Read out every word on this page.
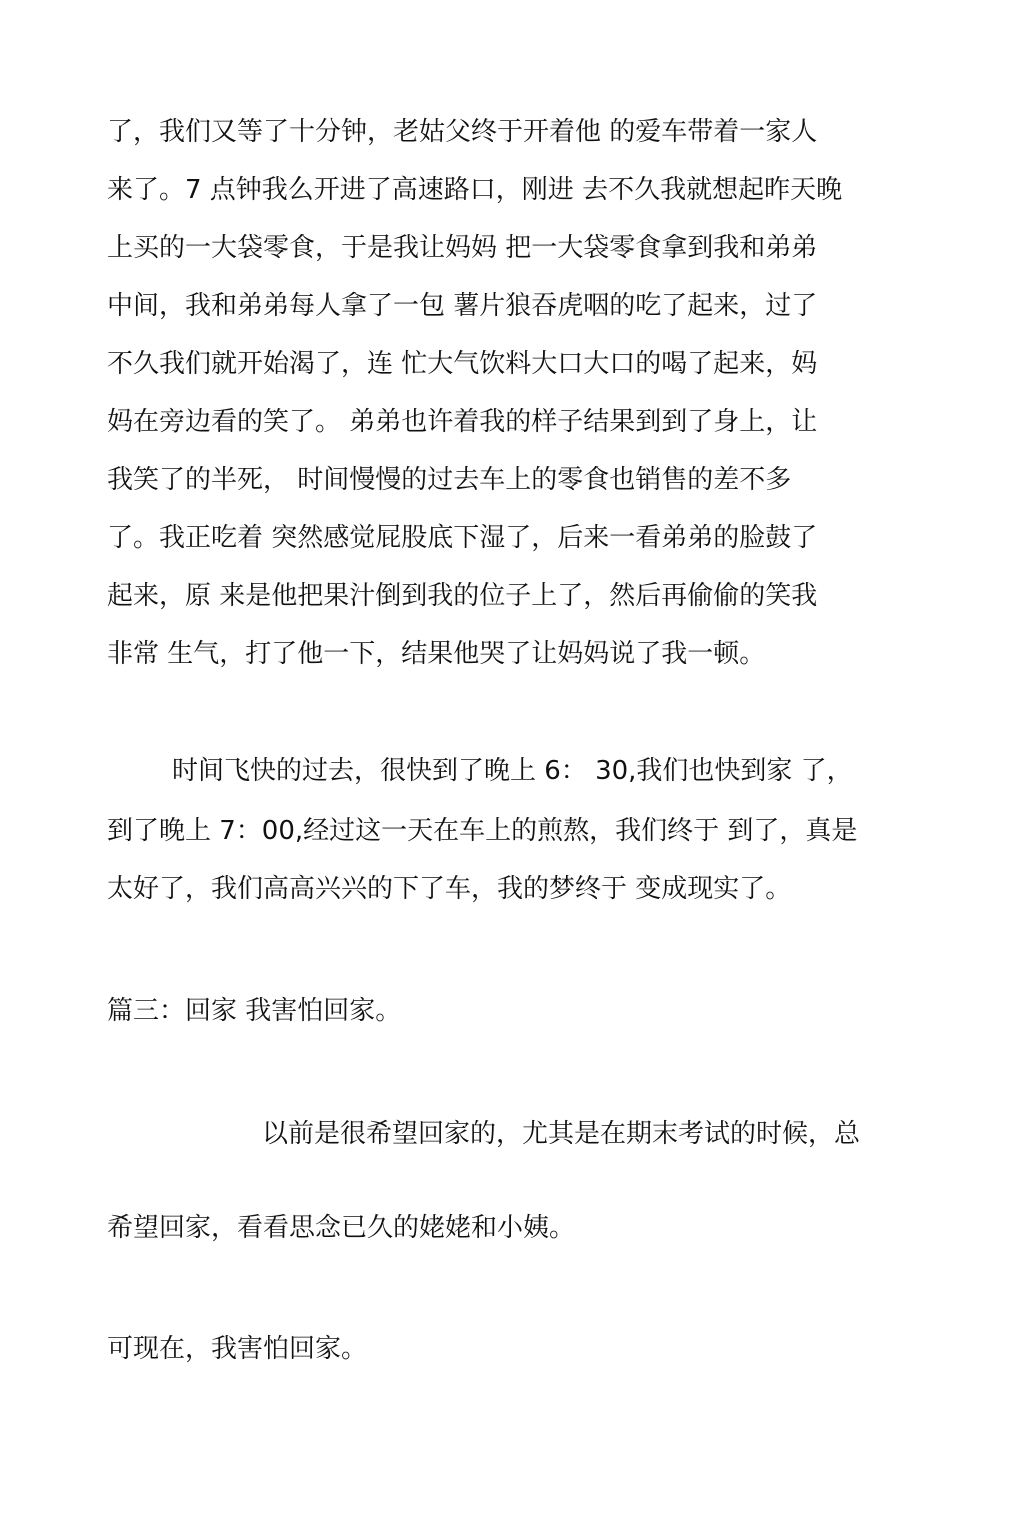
了，我们又等了十分钟，老姑父终于开着他 的爱车带着一家人
来了。7 点钟我么开进了高速路口，刚进 去不久我就想起昨天晚
上买的一大袋零食，于是我让妈妈 把一大袋零食拿到我和弟弟
中间，我和弟弟每人拿了一包 薯片狼吞虎咽的吃了起来，过了
不久我们就开始渴了，连 忙大气饮料大口大口的喝了起来，妈
妈在旁边看的笑了。 弟弟也许着我的样子结果到到了身上，让
我笑了的半死， 时间慢慢的过去车上的零食也销售的差不多
了。我正吃着 突然感觉屁股底下湿了，后来一看弟弟的脸鼓了
起来，原 来是他把果汁倒到我的位子上了，然后再偷偷的笑我
非常 生气，打了他一下，结果他哭了让妈妈说了我一顿。
时间飞快的过去，很快到了晚上 6： 30,我们也快到家 了，
到了晚上 7：00,经过这一天在车上的煎熬，我们终于 到了，真是
太好了，我们高高兴兴的下了车，我的梦终于 变成现实了。
篇三：回家 我害怕回家。
以前是很希望回家的，尤其是在期末考试的时候，总
希望回家，看看思念已久的姥姥和小姨。
可现在，我害怕回家。
